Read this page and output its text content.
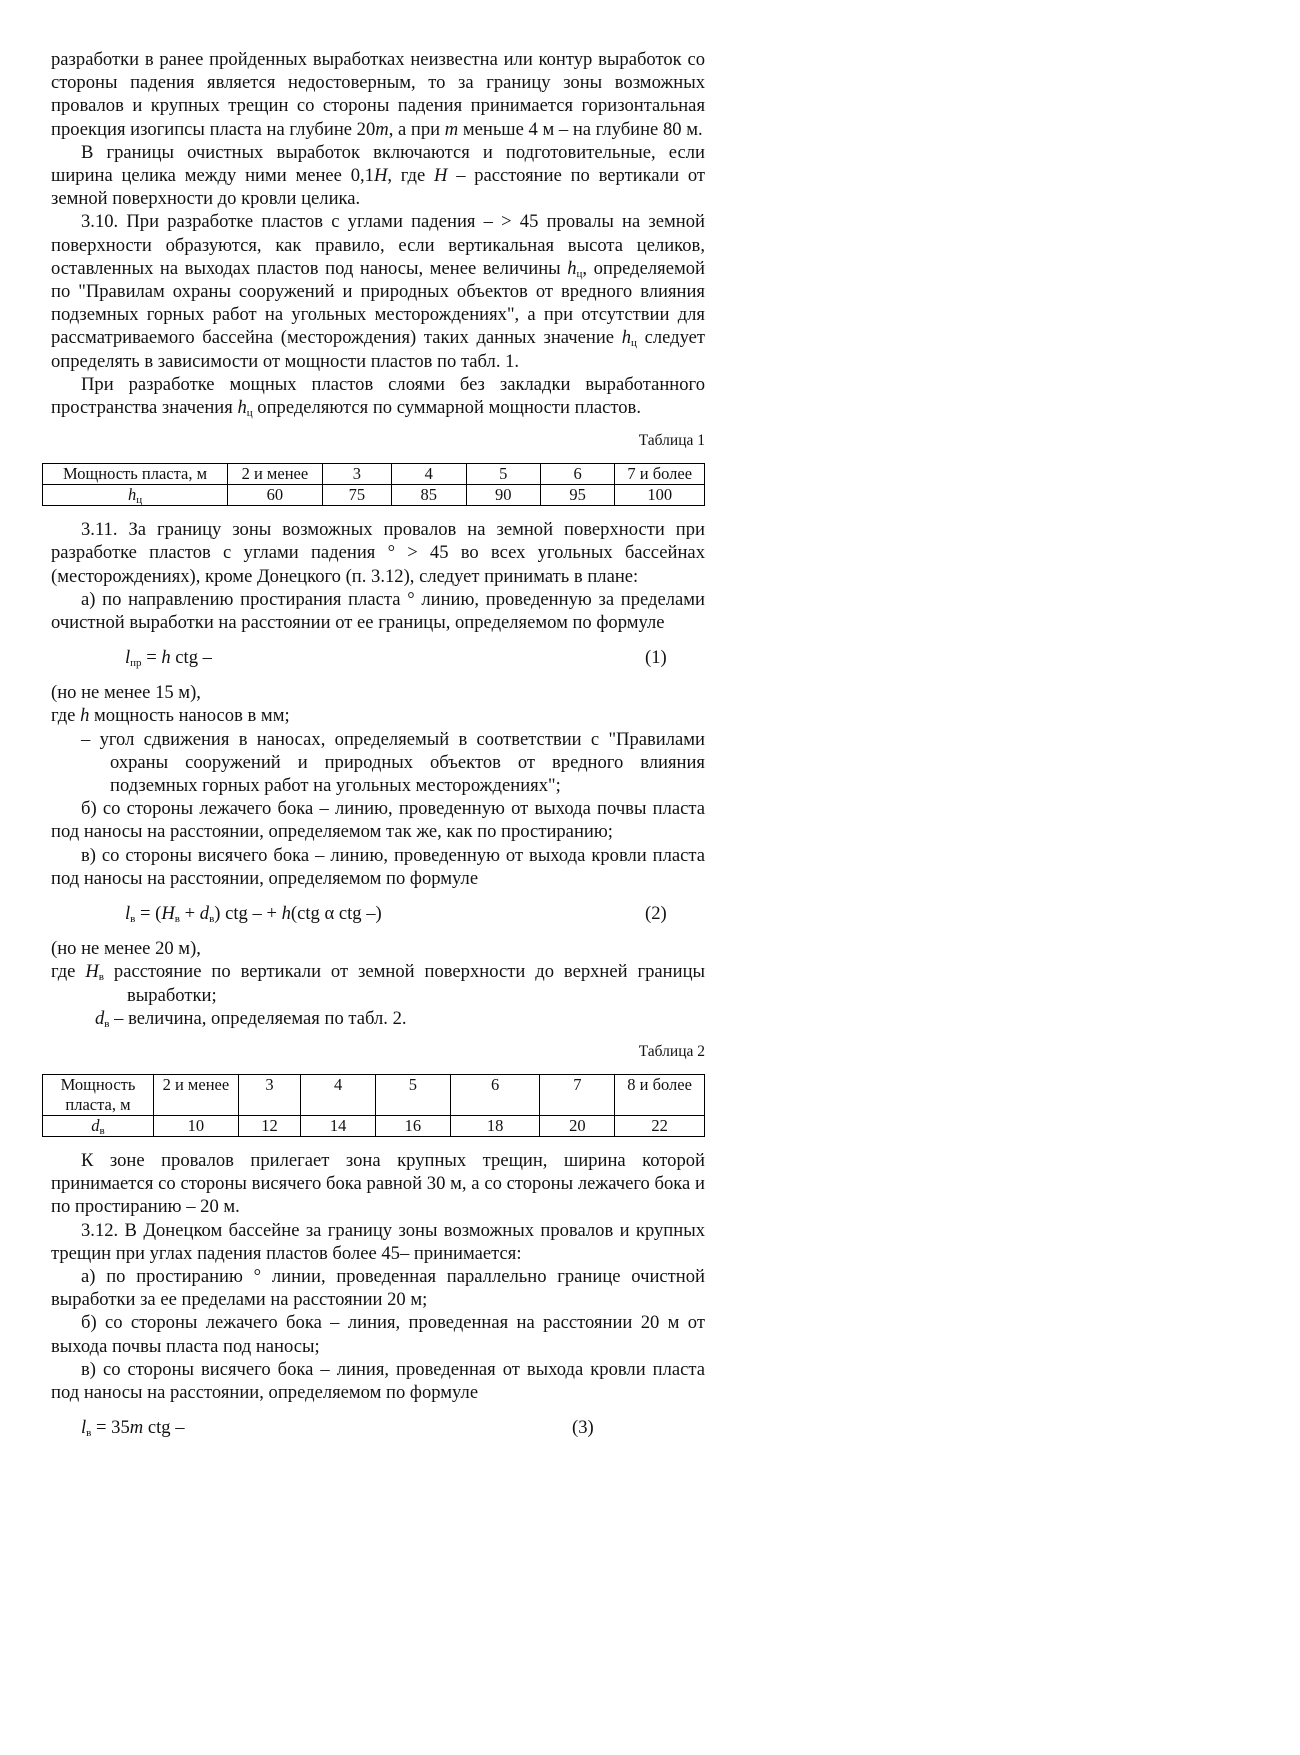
разработки в ранее пройденных выработках неизвестна или контур выработок со стороны падения является недостоверным, то за границу зоны возможных провалов и крупных трещин со стороны падения принимается горизонтальная проекция изогипсы пласта на глубине 20m, а при m меньше 4 м – на глубине 80 м.

В границы очистных выработок включаются и подготовительные, если ширина целика между ними менее 0,1H, где H – расстояние по вертикали от земной поверхности до кровли целика.

3.10. При разработке пластов с углами падения – > 45 провалы на земной поверхности образуются, как правило, если вертикальная высота целиков, оставленных на выходах пластов под наносы, менее величины $h_ц$, определяемой по "Правилам охраны сооружений и природных объектов от вредного влияния подземных горных работ на угольных месторождениях", а при отсутствии для рассматриваемого бассейна (месторождения) таких данных значение $h_ц$ следует определять в зависимости от мощности пластов по табл. 1.

При разработке мощных пластов слоями без закладки выработанного пространства значения $h_ц$ определяются по суммарной мощности пластов.

Таблица 1
Мощность пласта, м	2 и менее	3	4	5	6	7 и более
$h_ц$	60	75	85	90	95	100

3.11. За границу зоны возможных провалов на земной поверхности при разработке пластов с углами падения ° > 45 во всех угольных бассейнах (месторождениях), кроме Донецкого (п. 3.12), следует принимать в плане:

а) по направлению простирания пласта ° линию, проведенную за пределами очистной выработки на расстоянии от ее границы, определяемом по формуле

$l_{пр} = h$ ctg –	(1)

(но не менее 15 м),

где h мощность наносов в мм;

– угол сдвижения в наносах, определяемый в соответствии с "Правилами охраны сооружений и природных объектов от вредного влияния подземных горных работ на угольных месторождениях";

б) со стороны лежачего бока – линию, проведенную от выхода почвы пласта под наносы на расстоянии, определяемом так же, как по простиранию;

в) со стороны висячего бока – линию, проведенную от выхода кровли пласта под наносы на расстоянии, определяемом по формуле

$l_в = (H_в + d_в)$ ctg – + h(ctg α ctg –)	(2)

(но не менее 20 м),

где $H_в$ расстояние по вертикали от земной поверхности до верхней границы выработки;

$d_в$ – величина, определяемая по табл. 2.

Таблица 2
Мощность пласта, м	2 и менее	3	4	5	6	7	8 и более
$d_в$	10	12	14	16	18	20	22

К зоне провалов прилегает зона крупных трещин, ширина которой принимается со стороны висячего бока равной 30 м, а со стороны лежачего бока и по простиранию – 20 м.

3.12. В Донецком бассейне за границу зоны возможных провалов и крупных трещин при углах падения пластов более 45– принимается:

а) по простиранию ° линии, проведенная параллельно границе очистной выработки за ее пределами на расстоянии 20 м;

б) со стороны лежачего бока – линия, проведенная на расстоянии 20 м от выхода почвы пласта под наносы;

в) со стороны висячего бока – линия, проведенная от выхода кровли пласта под наносы на расстоянии, определяемом по формуле

$l_в = 35m$ ctg –	(3)
